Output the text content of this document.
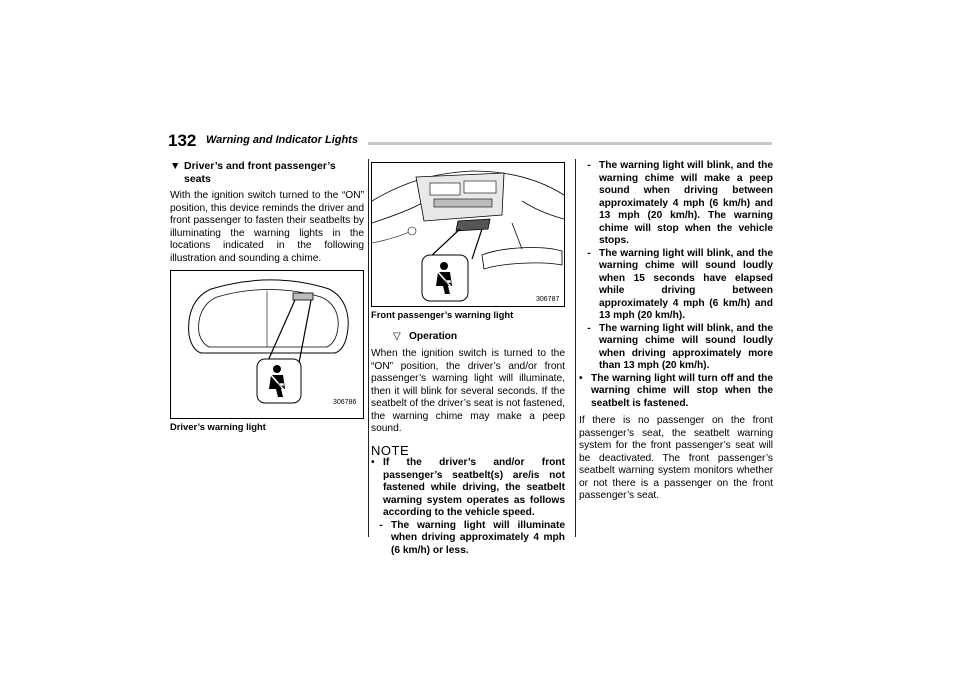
132 Warning and Indicator Lights
▼ Driver’s and front passenger’s seats

With the ignition switch turned to the “ON” position, this device reminds the driver and front passenger to fasten their seatbelts by illuminating the warning lights in the locations indicated in the following illustration and sounding a chime.

306786
Driver’s warning light
306787
Front passenger’s warning light
▽ Operation

When the ignition switch is turned to the “ON” position, the driver’s and/or front passenger’s warning light will illuminate, then it will blink for several seconds. If the seatbelt of the driver’s seat is not fastened, the warning chime may make a peep sound.

NOTE
• If the driver’s and/or front passenger’s seatbelt(s) are/is not fastened while driving, the seatbelt warning system operates as follows according to the vehicle speed.
- The warning light will illuminate when driving approximately 4 mph (6 km/h) or less.
- The warning light will blink, and the warning chime will make a peep sound when driving between approximately 4 mph (6 km/h) and 13 mph (20 km/h). The warning chime will stop when the vehicle stops.
- The warning light will blink, and the warning chime will sound loudly when 15 seconds have elapsed while driving between approximately 4 mph (6 km/h) and 13 mph (20 km/h).
- The warning light will blink, and the warning chime will sound loudly when driving approximately more than 13 mph (20 km/h).
• The warning light will turn off and the warning chime will stop when the seatbelt is fastened.

If there is no passenger on the front passenger’s seat, the seatbelt warning system for the front passenger’s seat will be deactivated. The front passenger’s seatbelt warning system monitors whether or not there is a passenger on the front passenger’s seat.
